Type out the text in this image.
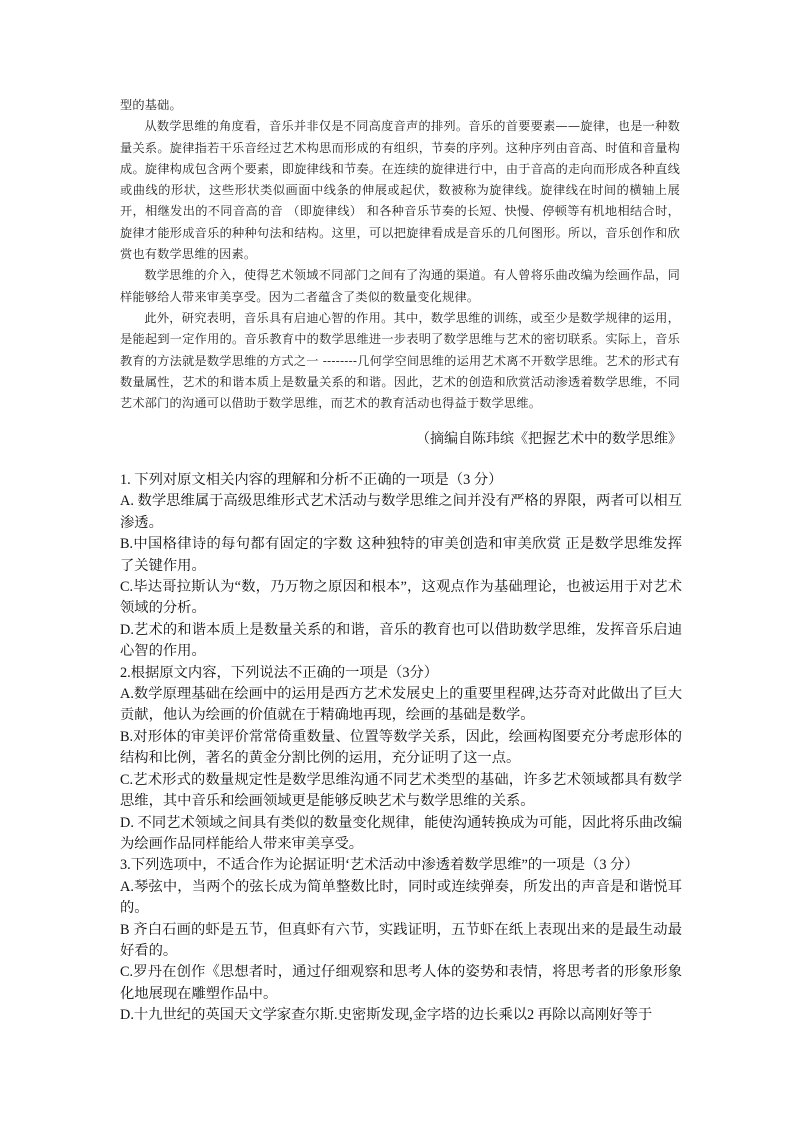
型的基础。

从数学思维的角度看，音乐并非仅是不同高度音声的排列。音乐的首要要素——旋律，也是一种数量关系。旋律指若干乐音经过艺术构思而形成的有组织，节奏的序列。这种序列由音高、时值和音量构成。旋律构成包含两个要素，即旋律线和节奏。在连续的旋律进行中，由于音高的走向而形成各种直线或曲线的形状，这些形状类似画面中线条的伸展或起伏，数被称为旋律线。旋律线在时间的横轴上展开，相继发出的不同音高的音 （即旋律线） 和各种音乐节奏的长短、快慢、停顿等有机地相结合时，旋律才能形成音乐的种种句法和结构。这里，可以把旋律看成是音乐的几何图形。所以，音乐创作和欣赏也有数学思维的因素。

数学思维的介入，使得艺术领域不同部门之间有了沟通的渠道。有人曾将乐曲改编为绘画作品，同样能够给人带来审美享受。因为二者蕴含了类似的数量变化规律。

此外，研究表明，音乐具有启迪心智的作用。其中，数学思维的训练，或至少是数学规律的运用，是能起到一定作用的。音乐教育中的数学思维进一步表明了数学思维与艺术的密切联系。实际上，音乐教育的方法就是数学思维的方式之一 --------几何学空间思维的运用艺术离不开数学思维。艺术的形式有数量属性，艺术的和谐本质上是数量关系的和谐。因此，艺术的创造和欣赏活动渗透着数学思维，不同艺术部门的沟通可以借助于数学思维，而艺术的教育活动也得益于数学思维。

（摘编自陈玮缤《把握艺术中的数学思维》

1. 下列对原文相关内容的理解和分析不正确的一项是（3 分）

A. 数学思维属于高级思维形式艺术活动与数学思维之间并没有严格的界限，两者可以相互渗透。

B.中国格律诗的每句都有固定的字数 这种独特的审美创造和审美欣赏 正是数学思维发挥了关键作用。

C.毕达哥拉斯认为“数，乃万物之原因和根本”，这观点作为基础理论，也被运用于对艺术领域的分析。

D.艺术的和谐本质上是数量关系的和谐，音乐的教育也可以借助数学思维，发挥音乐启迪心智的作用。

2.根据原文内容，下列说法不正确的一项是（3分）

A.数学原理基础在绘画中的运用是西方艺术发展史上的重要里程碑,达芬奇对此做出了巨大贡献，他认为绘画的价值就在于精确地再现，绘画的基础是数学。

B.对形体的审美评价常常倚重数量、位置等数学关系，因此，绘画构图要充分考虑形体的结构和比例，著名的黄金分割比例的运用，充分证明了这一点。

C.艺术形式的数量规定性是数学思维沟通不同艺术类型的基础，许多艺术领域都具有数学思维，其中音乐和绘画领域更是能够反映艺术与数学思维的关系。

D. 不同艺术领域之间具有类似的数量变化规律，能使沟通转换成为可能，因此将乐曲改编为绘画作品同样能给人带来审美享受。

3.下列选项中，不适合作为论据证明‘艺术活动中渗透着数学思维”的一项是（3 分）

A.琴弦中，当两个的弦长成为简单整数比时，同时或连续弹奏，所发出的声音是和谐悦耳的。

B 齐白石画的虾是五节，但真虾有六节，实践证明，五节虾在纸上表现出来的是最生动最好看的。

C.罗丹在创作《思想者时，通过仔细观察和思考人体的姿势和表情，将思考者的形象形象化地展现在雕塑作品中。

D.十九世纪的英国天文学家查尔斯.史密斯发现,金字塔的边长乘以2 再除以高刚好等于
